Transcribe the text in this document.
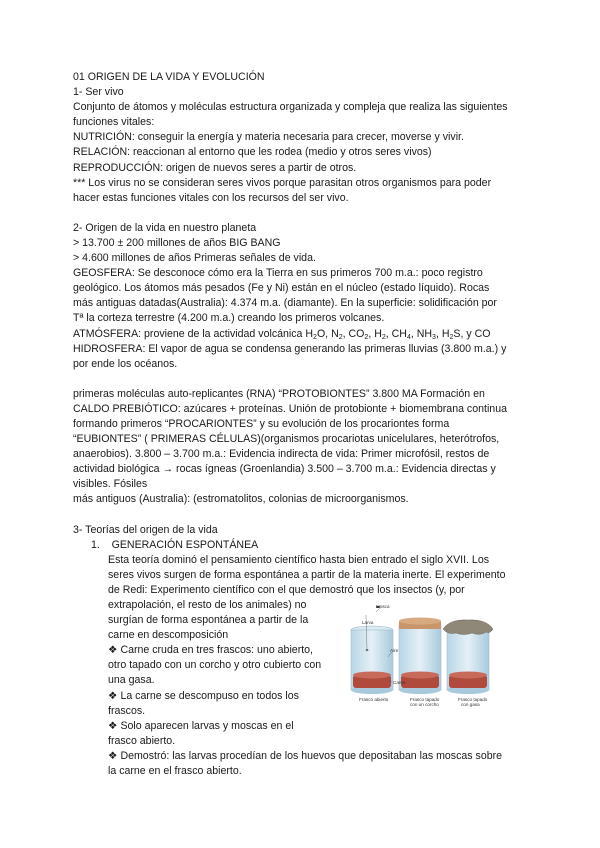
01 ORIGEN DE LA VIDA Y EVOLUCIÓN
1- Ser vivo
Conjunto de átomos y moléculas estructura organizada y compleja que realiza las siguientes
funciones vitales:
NUTRICIÓN: conseguir la energía y materia necesaria para crecer, moverse y vivir.
RELACIÓN: reaccionan al entorno que les rodea (medio y otros seres vivos)
REPRODUCCIÓN: origen de nuevos seres a partir de otros.
*** Los virus no se consideran seres vivos porque parasitan otros organismos para poder
hacer estas funciones vitales con los recursos del ser vivo.
2- Origen de la vida en nuestro planeta
> 13.700 ± 200 millones de años BIG BANG
> 4.600 millones de años Primeras señales de vida.
GEOSFERA: Se desconoce cómo era la Tierra en sus primeros 700 m.a.: poco registro
geológico. Los átomos más pesados (Fe y Ni) están en el núcleo (estado líquido). Rocas
más antiguas datadas(Australia): 4.374 m.a. (diamante). En la superficie: solidificación por
Tª la corteza terrestre (4.200 m.a.) creando los primeros volcanes.
ATMÓSFERA: proviene de la actividad volcánica $H_2O$, $N_2$, $CO_2$, $H_2$, $CH_4$, $NH_3$, $H_2S$, y CO
HIDROSFERA: El vapor de agua se condensa generando las primeras lluvias (3.800 m.a.) y
por ende los océanos.
primeras moléculas auto-replicantes (RNA) “PROTOBIONTES” 3.800 MA Formación en
CALDO PREBIÓTICO: azúcares + proteínas. Unión de protobionte + biomembrana continua
formando primeros “PROCARIONTES” y su evolución de los procariontes forma
“EUBIONTES” ( PRIMERAS CÉLULAS)(organismos procariotas unicelulares, heterótrofos,
anaerobios). 3.800 – 3.700 m.a.: Evidencia indirecta de vida: Primer microfósil, restos de
actividad biológica → rocas ígneas (Groenlandia) 3.500 – 3.700 m.a.: Evidencia directas y
visibles. Fósiles
más antiguos (Australia): (estromatolitos, colonias de microorganismos.
3- Teorías del origen de la vida
1. GENERACIÓN ESPONTÁNEA
Esta teoría dominó el pensamiento científico hasta bien entrado el siglo XVII. Los
seres vivos surgen de forma espontánea a partir de la materia inerte. El experimento
de Redi: Experimento científico con el que demostró que los insectos (y, por
extrapolación, el resto de los animales) no
surgían de forma espontánea a partir de la
carne en descomposición
❖ Carne cruda en tres frascos: uno abierto,
otro tapado con un corcho y otro cubierto con
una gasa.
❖ La carne se descompuso en todos los
frascos.
❖ Solo aparecen larvas y moscas en el
frasco abierto.
❖ Demostró: las larvas procedían de los huevos que depositaban las moscas sobre
la carne en el frasco abierto.
Mosca
Larva
Aire
Carne
Frasco abierto	Frasco tapado
con un corcho
Frasco tapado
con gasa
